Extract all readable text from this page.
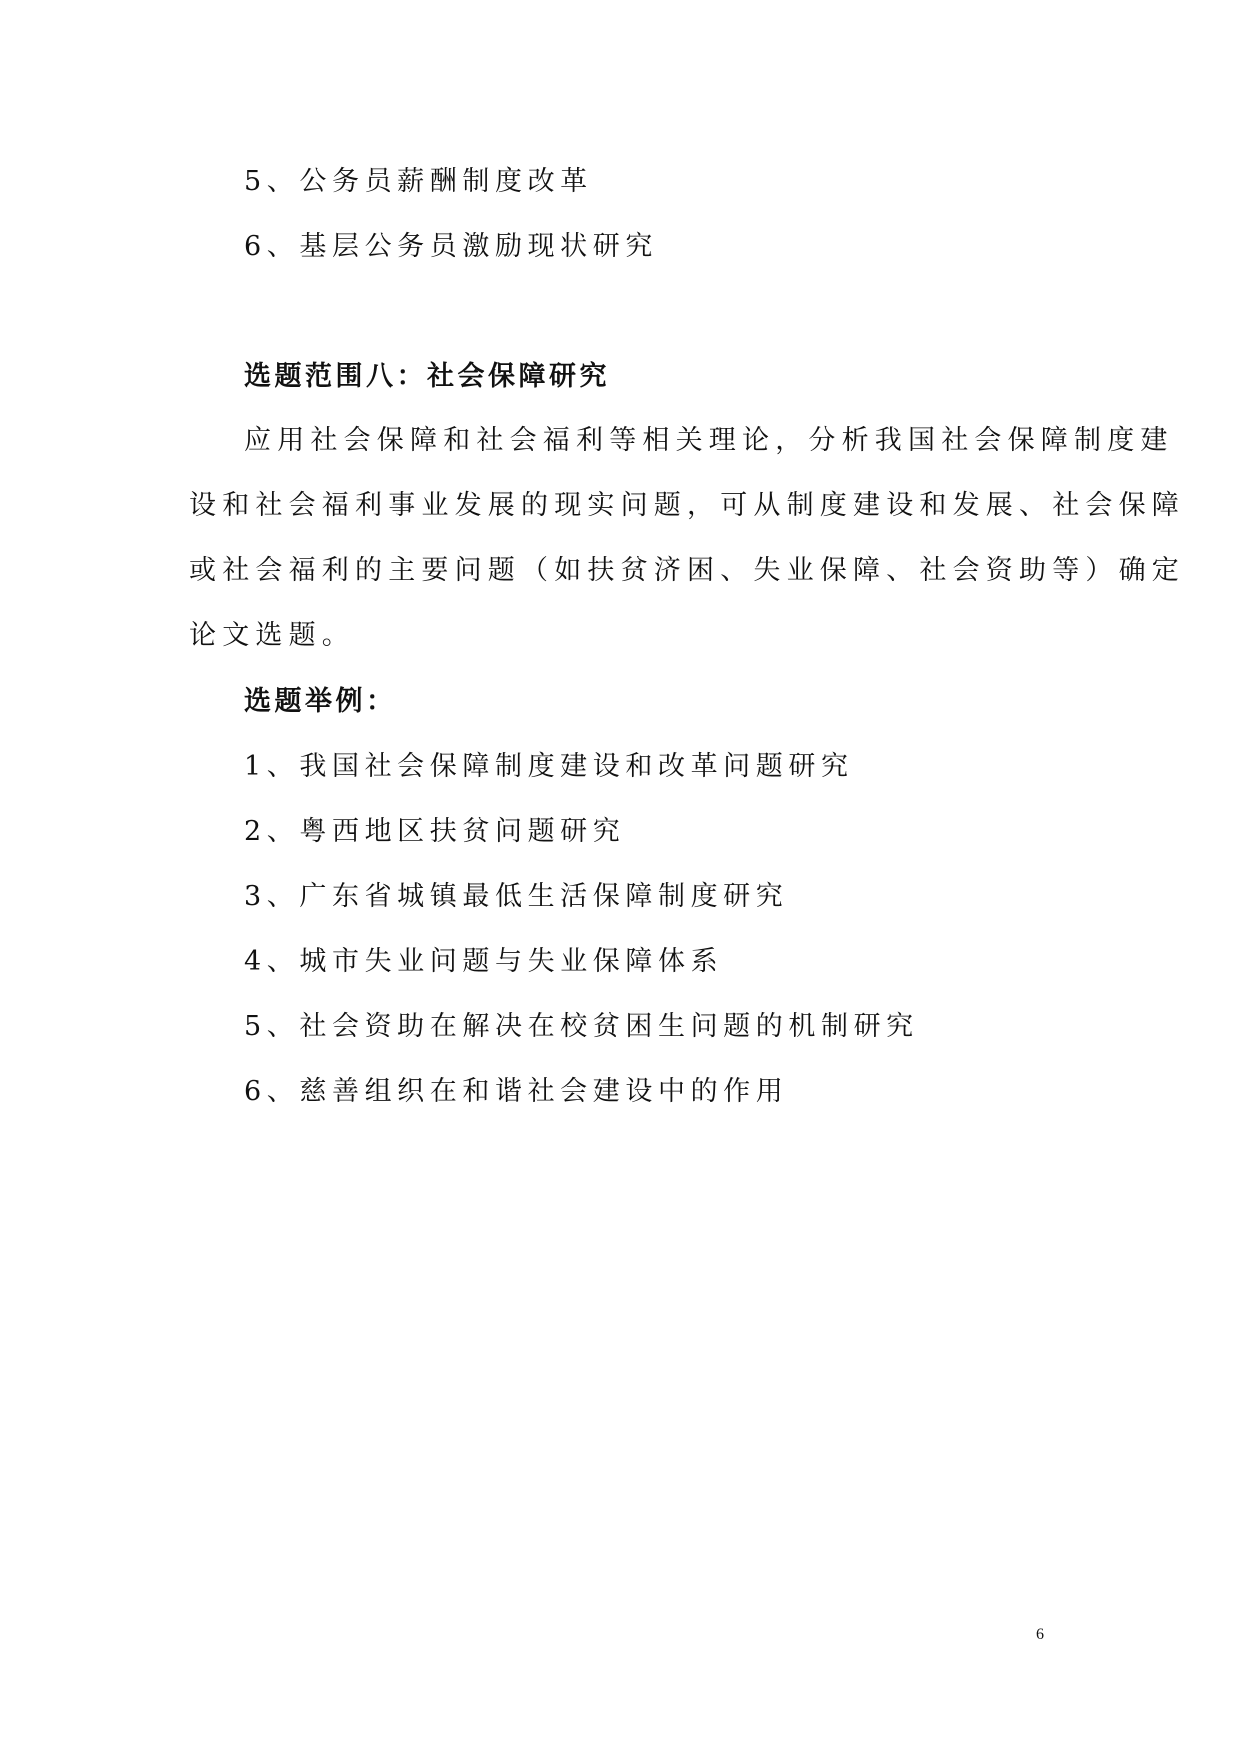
5、公务员薪酬制度改革
6、基层公务员激励现状研究
选题范围八：社会保障研究
应用社会保障和社会福利等相关理论，分析我国社会保障制度建
设和社会福利事业发展的现实问题，可从制度建设和发展、社会保障
或社会福利的主要问题（如扶贫济困、失业保障、社会资助等）确定
论文选题。
选题举例：
1、我国社会保障制度建设和改革问题研究
2、粤西地区扶贫问题研究
3、广东省城镇最低生活保障制度研究
4、城市失业问题与失业保障体系
5、社会资助在解决在校贫困生问题的机制研究
6、慈善组织在和谐社会建设中的作用
6
